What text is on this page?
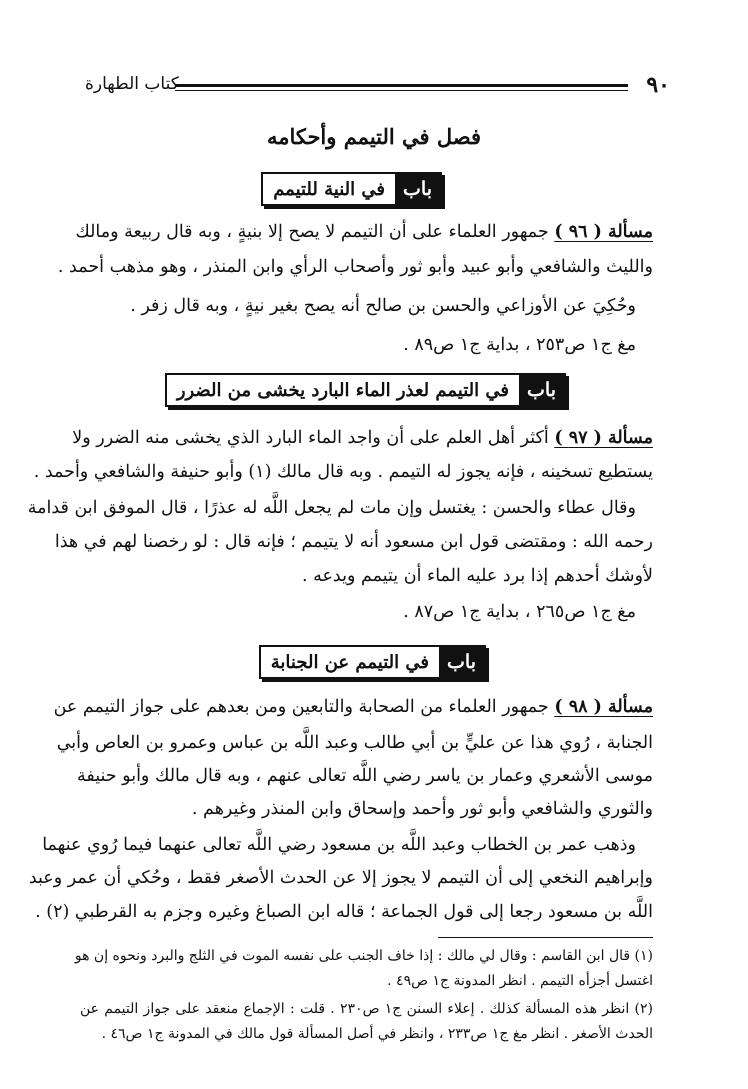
٩٠
كتاب الطهارة
فصل في التيمم وأحكامه
باب
في النية للتيمم
مسألة ( ٩٦ ) جمهور العلماء على أن التيمم لا يصح إلا بنيةٍ ، وبه قال ربيعة ومالك
والليث والشافعي وأبو عبيد وأبو ثور وأصحاب الرأي وابن المنذر ، وهو مذهب أحمد .
وحُكِيَ عن الأوزاعي والحسن بن صالح أنه يصح بغير نيةٍ ، وبه قال زفر .
مغ ج١ ص٢٥٣ ، بداية ج١ ص٨٩ .
باب
في التيمم لعذر الماء البارد يخشى من الضرر
مسألة ( ٩٧ ) أكثر أهل العلم على أن واجد الماء البارد الذي يخشى منه الضرر ولا
يستطيع تسخينه ، فإنه يجوز له التيمم . وبه قال مالك (١) وأبو حنيفة والشافعي وأحمد .
وقال عطاء والحسن : يغتسل وإن مات لم يجعل اللَّه له عذرًا ، قال الموفق ابن قدامة
رحمه الله : ومقتضى قول ابن مسعود أنه لا يتيمم ؛ فإنه قال : لو رخصنا لهم في هذا
لأوشك أحدهم إذا برد عليه الماء أن يتيمم ويدعه .
مغ ج١ ص٢٦٥ ، بداية ج١ ص٨٧ .
باب
في التيمم عن الجنابة
مسألة ( ٩٨ ) جمهور العلماء من الصحابة والتابعين ومن بعدهم على جواز التيمم عن
الجنابة ، رُوي هذا عن عليٍّ بن أبي طالب وعبد اللَّه بن عباس وعمرو بن العاص وأبي
موسى الأشعري وعمار بن ياسر رضي اللَّه تعالى عنهم ، وبه قال مالك وأبو حنيفة
والثوري والشافعي وأبو ثور وأحمد وإسحاق وابن المنذر وغيرهم .
وذهب عمر بن الخطاب وعبد اللَّه بن مسعود رضي اللَّه تعالى عنهما فيما رُوي عنهما
وإبراهيم النخعي إلى أن التيمم لا يجوز إلا عن الحدث الأصغر فقط ، وحُكي أن عمر وعبد
اللَّه بن مسعود رجعا إلى قول الجماعة ؛ قاله ابن الصباغ وغيره وجزم به القرطبي (٢) .
(١) قال ابن القاسم : وقال لي مالك : إذا خاف الجنب على نفسه الموت في الثلج والبرد ونحوه إن هو
اغتسل أجزأه التيمم . انظر المدونة ج١ ص٤٩ .
(٢) انظر هذه المسألة كذلك . إعلاء السنن ج١ ص٢٣٠ . قلت : الإجماع منعقد على جواز التيمم عن
الحدث الأصغر . انظر مغ ج١ ص٢٣٣ ، وانظر في أصل المسألة قول مالك في المدونة ج١ ص٤٦ .
